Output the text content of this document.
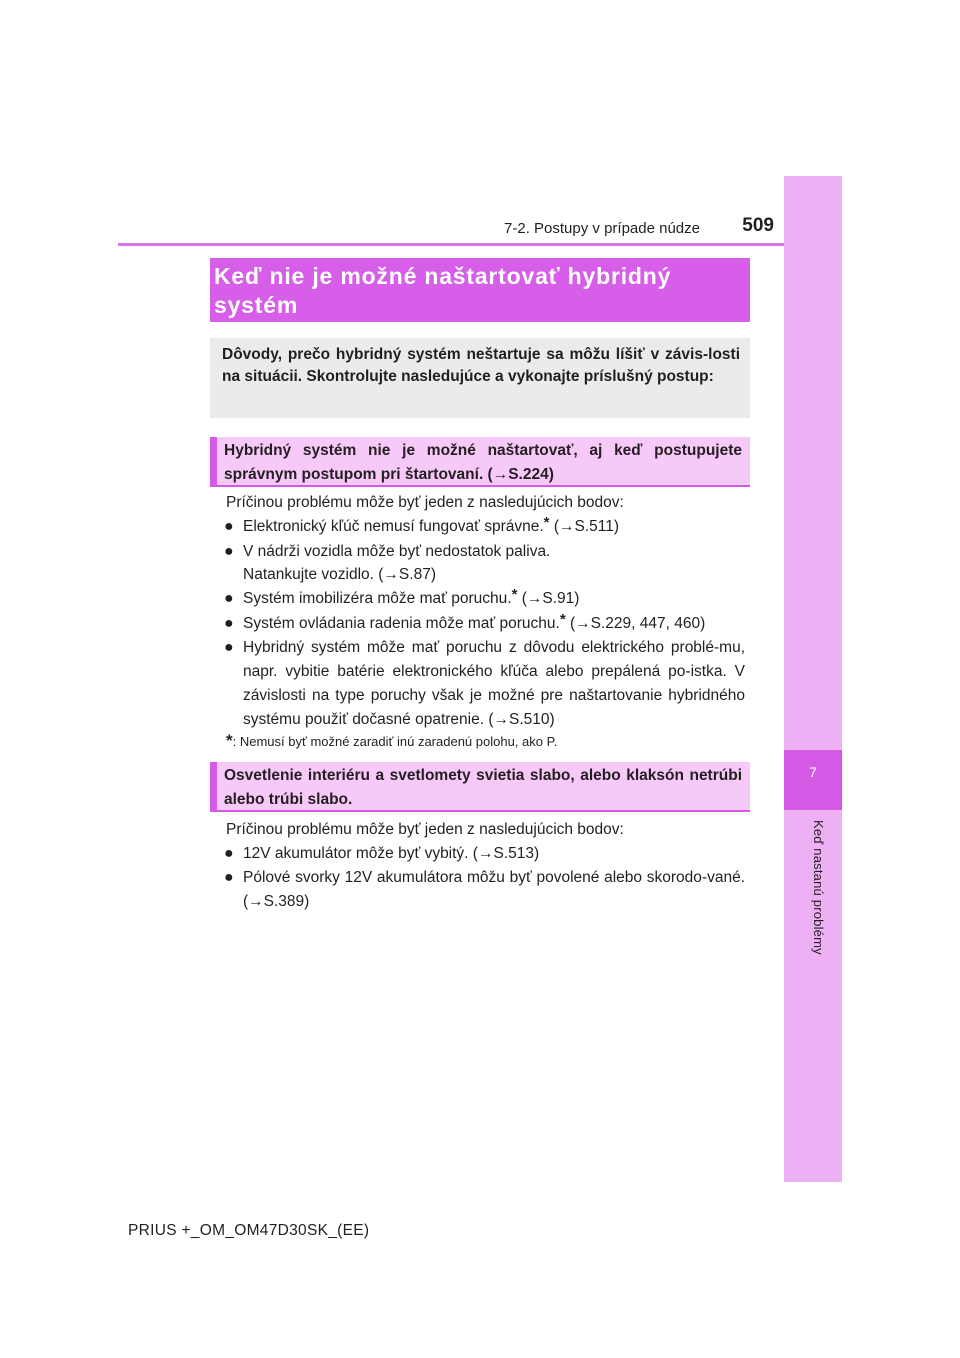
7
Keď nastanú problémy
7-2. Postupy v prípade núdze	509
Keď nie je možné naštartovať hybridný systém
Dôvody, prečo hybridný systém neštartuje sa môžu líšiť v závis-losti na situácii. Skontrolujte nasledujúce a vykonajte príslušný postup:
Hybridný systém nie je možné naštartovať, aj keď postupujete správnym postupom pri štartovaní. (→S.224)
Príčinou problému môže byť jeden z nasledujúcich bodov:
● Elektronický kľúč nemusí fungovať správne.* (→S.511)
● V nádrži vozidla môže byť nedostatok paliva.
Natankujte vozidlo. (→S.87)
● Systém imobilizéra môže mať poruchu.* (→S.91)
● Systém ovládania radenia môže mať poruchu.* (→S.229, 447, 460)
● Hybridný systém môže mať poruchu z dôvodu elektrického problé-mu, napr. vybitie batérie elektronického kľúča alebo prepálená po-istka. V závislosti na type poruchy však je možné pre naštartovanie hybridného systému použiť dočasné opatrenie. (→S.510)
*: Nemusí byť možné zaradiť inú zaradenú polohu, ako P.
Osvetlenie interiéru a svetlomety svietia slabo, alebo klaksón netrúbi alebo trúbi slabo.
Príčinou problému môže byť jeden z nasledujúcich bodov:
● 12V akumulátor môže byť vybitý. (→S.513)
● Pólové svorky 12V akumulátora môžu byť povolené alebo skorodo-vané. (→S.389)
PRIUS +_OM_OM47D30SK_(EE)
